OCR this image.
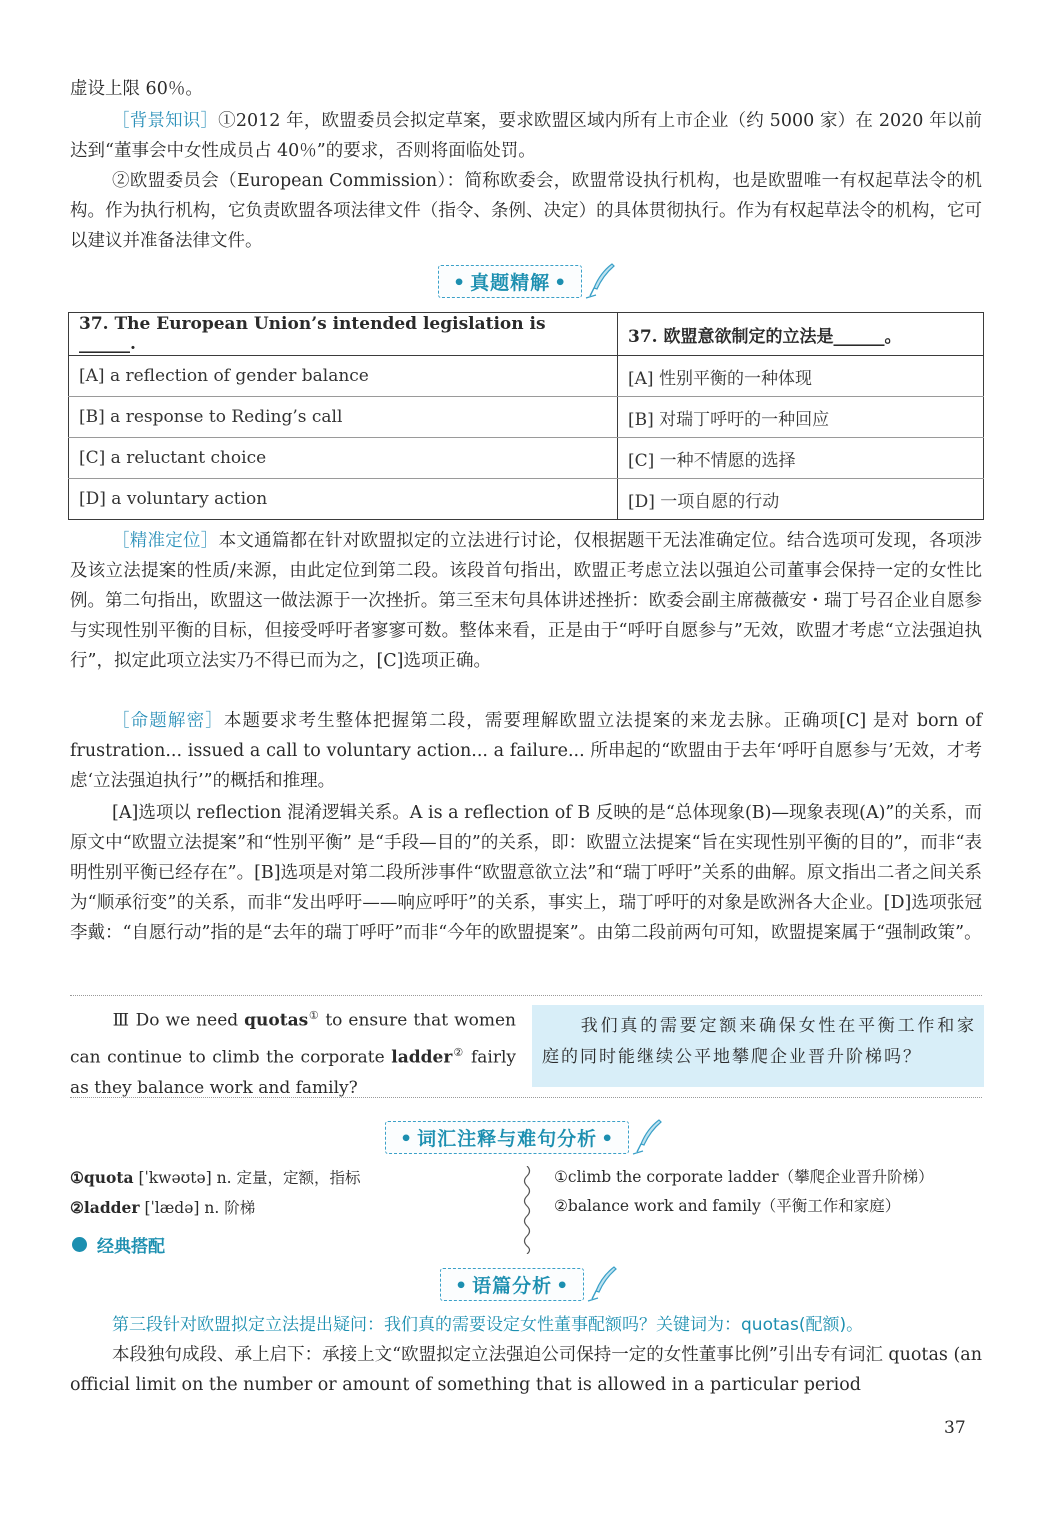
虚设上限 60％。

［背景知识］①2012 年，欧盟委员会拟定草案，要求欧盟区域内所有上市企业（约 5000 家）在 2020 年以前达到“董事会中女性成员占 40％”的要求，否则将面临处罚。

②欧盟委员会（European Commission）：简称欧委会，欧盟常设执行机构，也是欧盟唯一有权起草法令的机构。作为执行机构，它负责欧盟各项法律文件（指令、条例、决定）的具体贯彻执行。作为有权起草法令的机构，它可以建议并准备法律文件。

• 真题精解 •
37. The European Union’s intended legislation is ______.	37. 欧盟意欲制定的立法是______。
[A] a reflection of gender balance	[A] 性别平衡的一种体现
[B] a response to Reding’s call	[B] 对瑞丁呼吁的一种回应
[C] a reluctant choice	[C] 一种不情愿的选择
[D] a voluntary action	[D] 一项自愿的行动

［精准定位］本文通篇都在针对欧盟拟定的立法进行讨论，仅根据题干无法准确定位。结合选项可发现，各项涉及该立法提案的性质/来源，由此定位到第二段。该段首句指出，欧盟正考虑立法以强迫公司董事会保持一定的女性比例。第二句指出，欧盟这一做法源于一次挫折。第三至末句具体讲述挫折：欧委会副主席薇薇安・瑞丁号召企业自愿参与实现性别平衡的目标，但接受呼吁者寥寥可数。整体来看，正是由于“呼吁自愿参与”无效，欧盟才考虑“立法强迫执行”，拟定此项立法实乃不得已而为之，[C]选项正确。

［命题解密］本题要求考生整体把握第二段，需要理解欧盟立法提案的来龙去脉。正确项[C] 是对 born of frustration... issued a call to voluntary action... a failure... 所串起的“欧盟由于去年‘呼吁自愿参与’无效，才考虑‘立法强迫执行’”的概括和推理。

[A]选项以 reflection 混淆逻辑关系。A is a reflection of B 反映的是“总体现象(B)—现象表现(A)”的关系，而原文中“欧盟立法提案”和“性别平衡” 是“手段—目的”的关系，即：欧盟立法提案“旨在实现性别平衡的目的”，而非“表明性别平衡已经存在”。[B]选项是对第二段所涉事件“欧盟意欲立法”和“瑞丁呼吁”关系的曲解。原文指出二者之间关系为“顺承衍变”的关系，而非“发出呼吁——响应呼吁”的关系，事实上，瑞丁呼吁的对象是欧洲各大企业。[D]选项张冠李戴：“自愿行动”指的是“去年的瑞丁呼吁”而非“今年的欧盟提案”。由第二段前两句可知，欧盟提案属于“强制政策”。

Ⅲ Do we need quotas① to ensure that women can continue to climb the corporate ladder② fairly as they balance work and family?
我们真的需要定额来确保女性在平衡工作和家庭的同时能继续公平地攀爬企业晋升阶梯吗？
• 词汇注释与难句分析 •
①quota [ˈkwəʊtə] n. 定量，定额，指标
②ladder [ˈlædə] n. 阶梯
①climb the corporate ladder（攀爬企业晋升阶梯）
②balance work and family（平衡工作和家庭）
经典搭配
• 语篇分析 •

第三段针对欧盟拟定立法提出疑问：我们真的需要设定女性董事配额吗？关键词为：quotas(配额)。

本段独句成段、承上启下：承接上文“欧盟拟定立法强迫公司保持一定的女性董事比例”引出专有词汇 quotas (an official limit on the number or amount of something that is allowed in a particular period

37
